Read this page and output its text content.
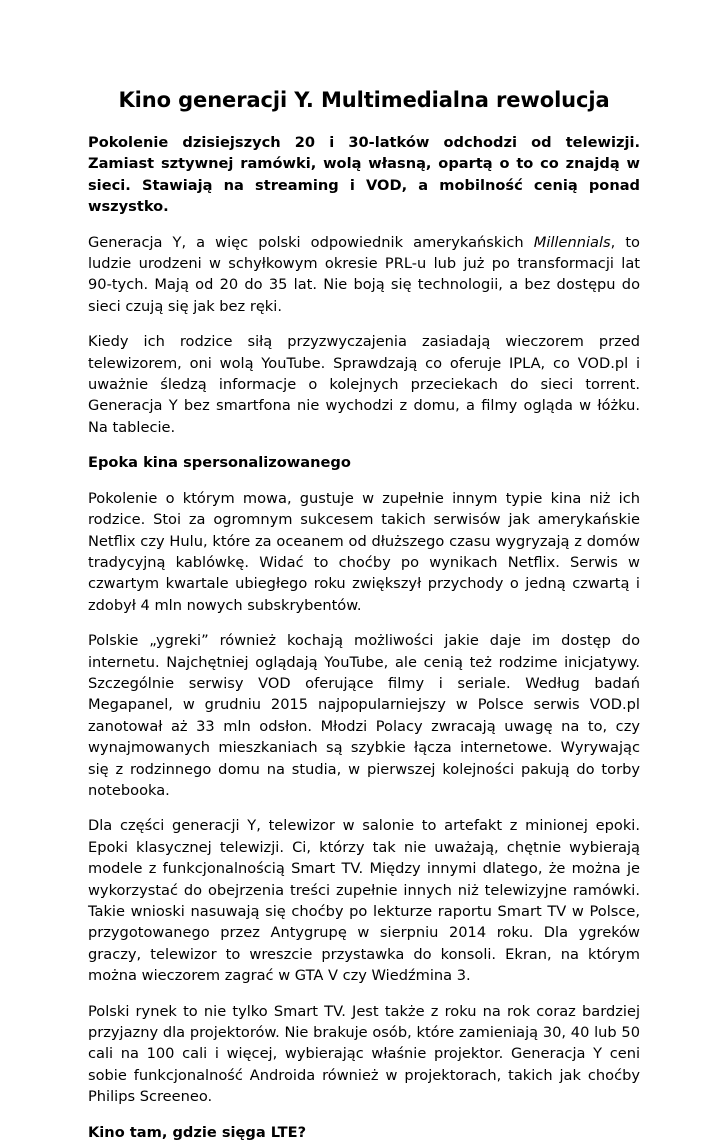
Kino generacji Y. Multimedialna rewolucja

Pokolenie dzisiejszych 20 i 30-latków odchodzi od telewizji. Zamiast sztywnej ramówki, wolą własną, opartą o to co znajdą w sieci. Stawiają na streaming i VOD, a mobilność cenią ponad wszystko.

Generacja Y, a więc polski odpowiednik amerykańskich Millennials, to ludzie urodzeni w schyłkowym okresie PRL-u lub już po transformacji lat 90-tych. Mają od 20 do 35 lat. Nie boją się technologii, a bez dostępu do sieci czują się jak bez ręki.

Kiedy ich rodzice siłą przyzwyczajenia zasiadają wieczorem przed telewizorem, oni wolą YouTube. Sprawdzają co oferuje IPLA, co VOD.pl i uważnie śledzą informacje o kolejnych przeciekach do sieci torrent. Generacja Y bez smartfona nie wychodzi z domu, a filmy ogląda w łóżku. Na tablecie.

Epoka kina spersonalizowanego

Pokolenie o którym mowa, gustuje w zupełnie innym typie kina niż ich rodzice. Stoi za ogromnym sukcesem takich serwisów jak amerykańskie Netflix czy Hulu, które za oceanem od dłuższego czasu wygryzają z domów tradycyjną kablówkę. Widać to choćby po wynikach Netflix. Serwis w czwartym kwartale ubiegłego roku zwiększył przychody o jedną czwartą i zdobył 4 mln nowych subskrybentów.

Polskie „ygreki” również kochają możliwości jakie daje im dostęp do internetu. Najchętniej oglądają YouTube, ale cenią też rodzime inicjatywy. Szczególnie serwisy VOD oferujące filmy i seriale. Według badań Megapanel, w grudniu 2015 najpopularniejszy w Polsce serwis VOD.pl zanotował aż 33 mln odsłon. Młodzi Polacy zwracają uwagę na to, czy wynajmowanych mieszkaniach są szybkie łącza internetowe. Wyrywając się z rodzinnego domu na studia, w pierwszej kolejności pakują do torby notebooka.

Dla części generacji Y, telewizor w salonie to artefakt z minionej epoki. Epoki klasycznej telewizji. Ci, którzy tak nie uważają, chętnie wybierają modele z funkcjonalnością Smart TV. Między innymi dlatego, że można je wykorzystać do obejrzenia treści zupełnie innych niż telewizyjne ramówki. Takie wnioski nasuwają się choćby po lekturze raportu Smart TV w Polsce, przygotowanego przez Antygrupę w sierpniu 2014 roku. Dla ygreków graczy, telewizor to wreszcie przystawka do konsoli. Ekran, na którym można wieczorem zagrać w GTA V czy Wiedźmina 3.

Polski rynek to nie tylko Smart TV. Jest także z roku na rok coraz bardziej przyjazny dla projektorów. Nie brakuje osób, które zamieniają 30, 40 lub 50 cali na 100 cali i więcej, wybierając właśnie projektor. Generacja Y ceni sobie funkcjonalność Androida również w projektorach, takich jak choćby Philips Screeneo.

Kino tam, gdzie sięga LTE?
